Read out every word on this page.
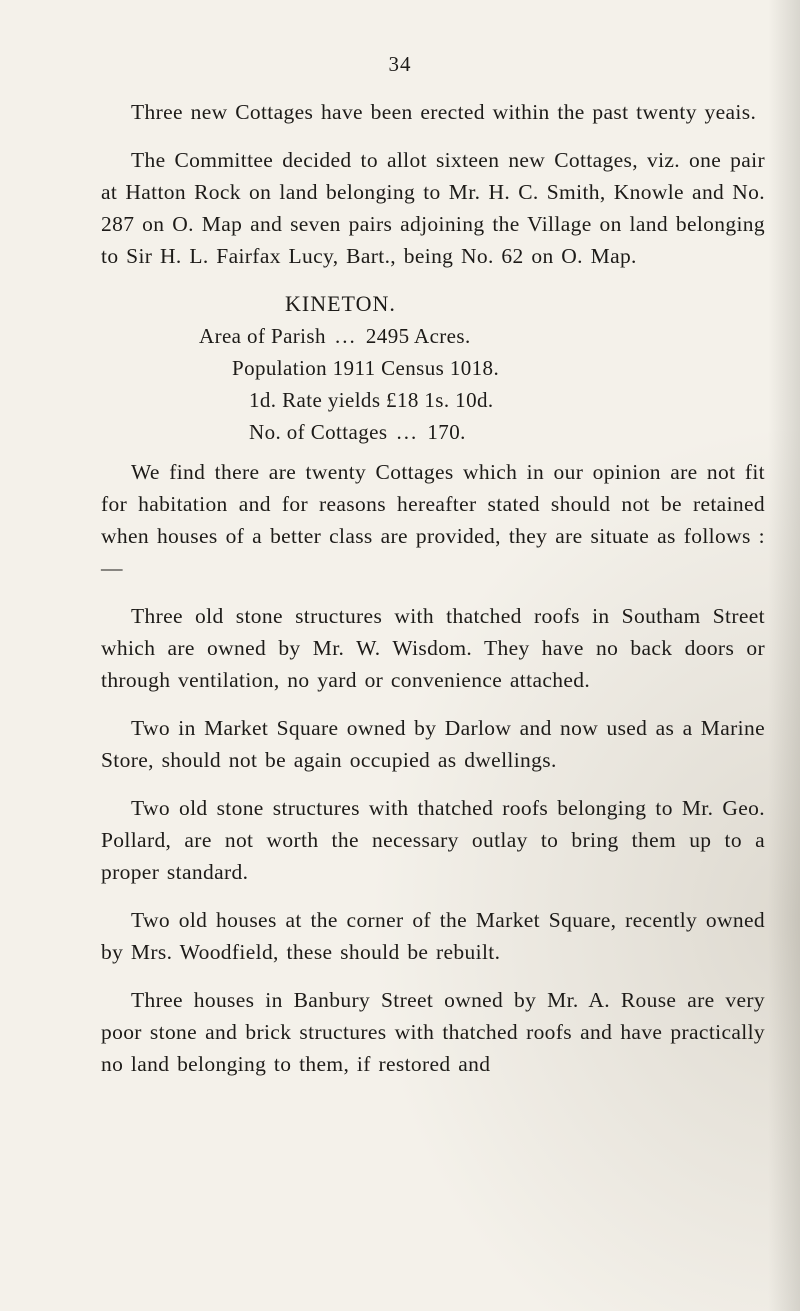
34

Three new Cottages have been erected within the past twenty yeais.

The Committee decided to allot sixteen new Cottages, viz. one pair at Hatton Rock on land belonging to Mr. H. C. Smith, Knowle and No. 287 on O. Map and seven pairs adjoining the Village on land belonging to Sir H. L. Fairfax Lucy, Bart., being No. 62 on O. Map.

KINETON.

Area of Parish ... 2495 Acres.

Population 1911 Census 1018.

1d. Rate yields £18 1s. 10d.

No. of Cottages ... 170.

We find there are twenty Cottages which in our opinion are not fit for habitation and for reasons hereafter stated should not be retained when houses of a better class are provided, they are situate as follows :—

Three old stone structures with thatched roofs in Southam Street which are owned by Mr. W. Wisdom. They have no back doors or through ventilation, no yard or convenience attached.

Two in Market Square owned by Darlow and now used as a Marine Store, should not be again occupied as dwellings.

Two old stone structures with thatched roofs belonging to Mr. Geo. Pollard, are not worth the necessary outlay to bring them up to a proper standard.

Two old houses at the corner of the Market Square, recently owned by Mrs. Woodfield, these should be rebuilt.

Three houses in Banbury Street owned by Mr. A. Rouse are very poor stone and brick structures with thatched roofs and have practically no land belonging to them, if restored and
